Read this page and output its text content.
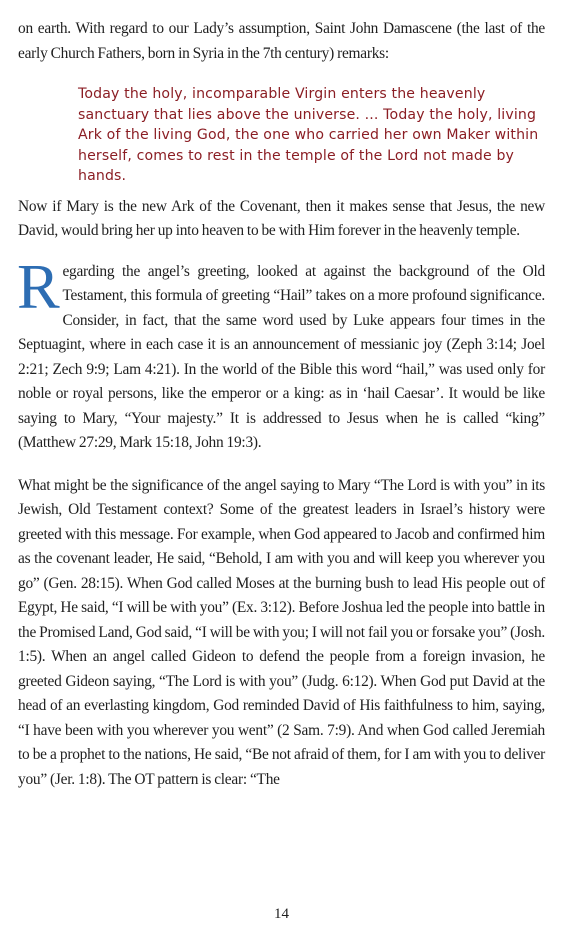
on earth. With regard to our Lady’s assumption, Saint John Damascene (the last of the early Church Fathers, born in Syria in the 7th century) remarks:

Today the holy, incomparable Virgin enters the heavenly sanctuary that lies above the universe. ... Today the holy, living Ark of the living God, the one who carried her own Maker within herself, comes to rest in the temple of the Lord not made by hands.

Now if Mary is the new Ark of the Covenant, then it makes sense that Jesus, the new David, would bring her up into heaven to be with Him forever in the heavenly temple.

Regarding the angel’s greeting, looked at against the background of the Old Testament, this formula of greeting “Hail” takes on a more profound significance. Consider, in fact, that the same word used by Luke appears four times in the Septuagint, where in each case it is an announcement of messianic joy (Zeph 3:14; Joel 2:21; Zech 9:9; Lam 4:21). In the world of the Bible this word “hail,” was used only for noble or royal persons, like the emperor or a king: as in ‘hail Caesar’. It would be like saying to Mary, “Your majesty.” It is addressed to Jesus when he is called “king” (Matthew 27:29, Mark 15:18, John 19:3).

What might be the significance of the angel saying to Mary “The Lord is with you” in its Jewish, Old Testament context? Some of the greatest leaders in Israel’s history were greeted with this message. For example, when God appeared to Jacob and confirmed him as the covenant leader, He said, “Behold, I am with you and will keep you wherever you go” (Gen. 28:15). When God called Moses at the burning bush to lead His people out of Egypt, He said, “I will be with you” (Ex. 3:12). Before Joshua led the people into battle in the Promised Land, God said, “I will be with you; I will not fail you or forsake you” (Josh. 1:5). When an angel called Gideon to defend the people from a foreign invasion, he greeted Gideon saying, “The Lord is with you” (Judg. 6:12). When God put David at the head of an everlasting kingdom, God reminded David of His faithfulness to him, saying, “I have been with you wherever you went” (2 Sam. 7:9). And when God called Jeremiah to be a prophet to the nations, He said, “Be not afraid of them, for I am with you to deliver you” (Jer. 1:8). The OT pattern is clear: “The

14
